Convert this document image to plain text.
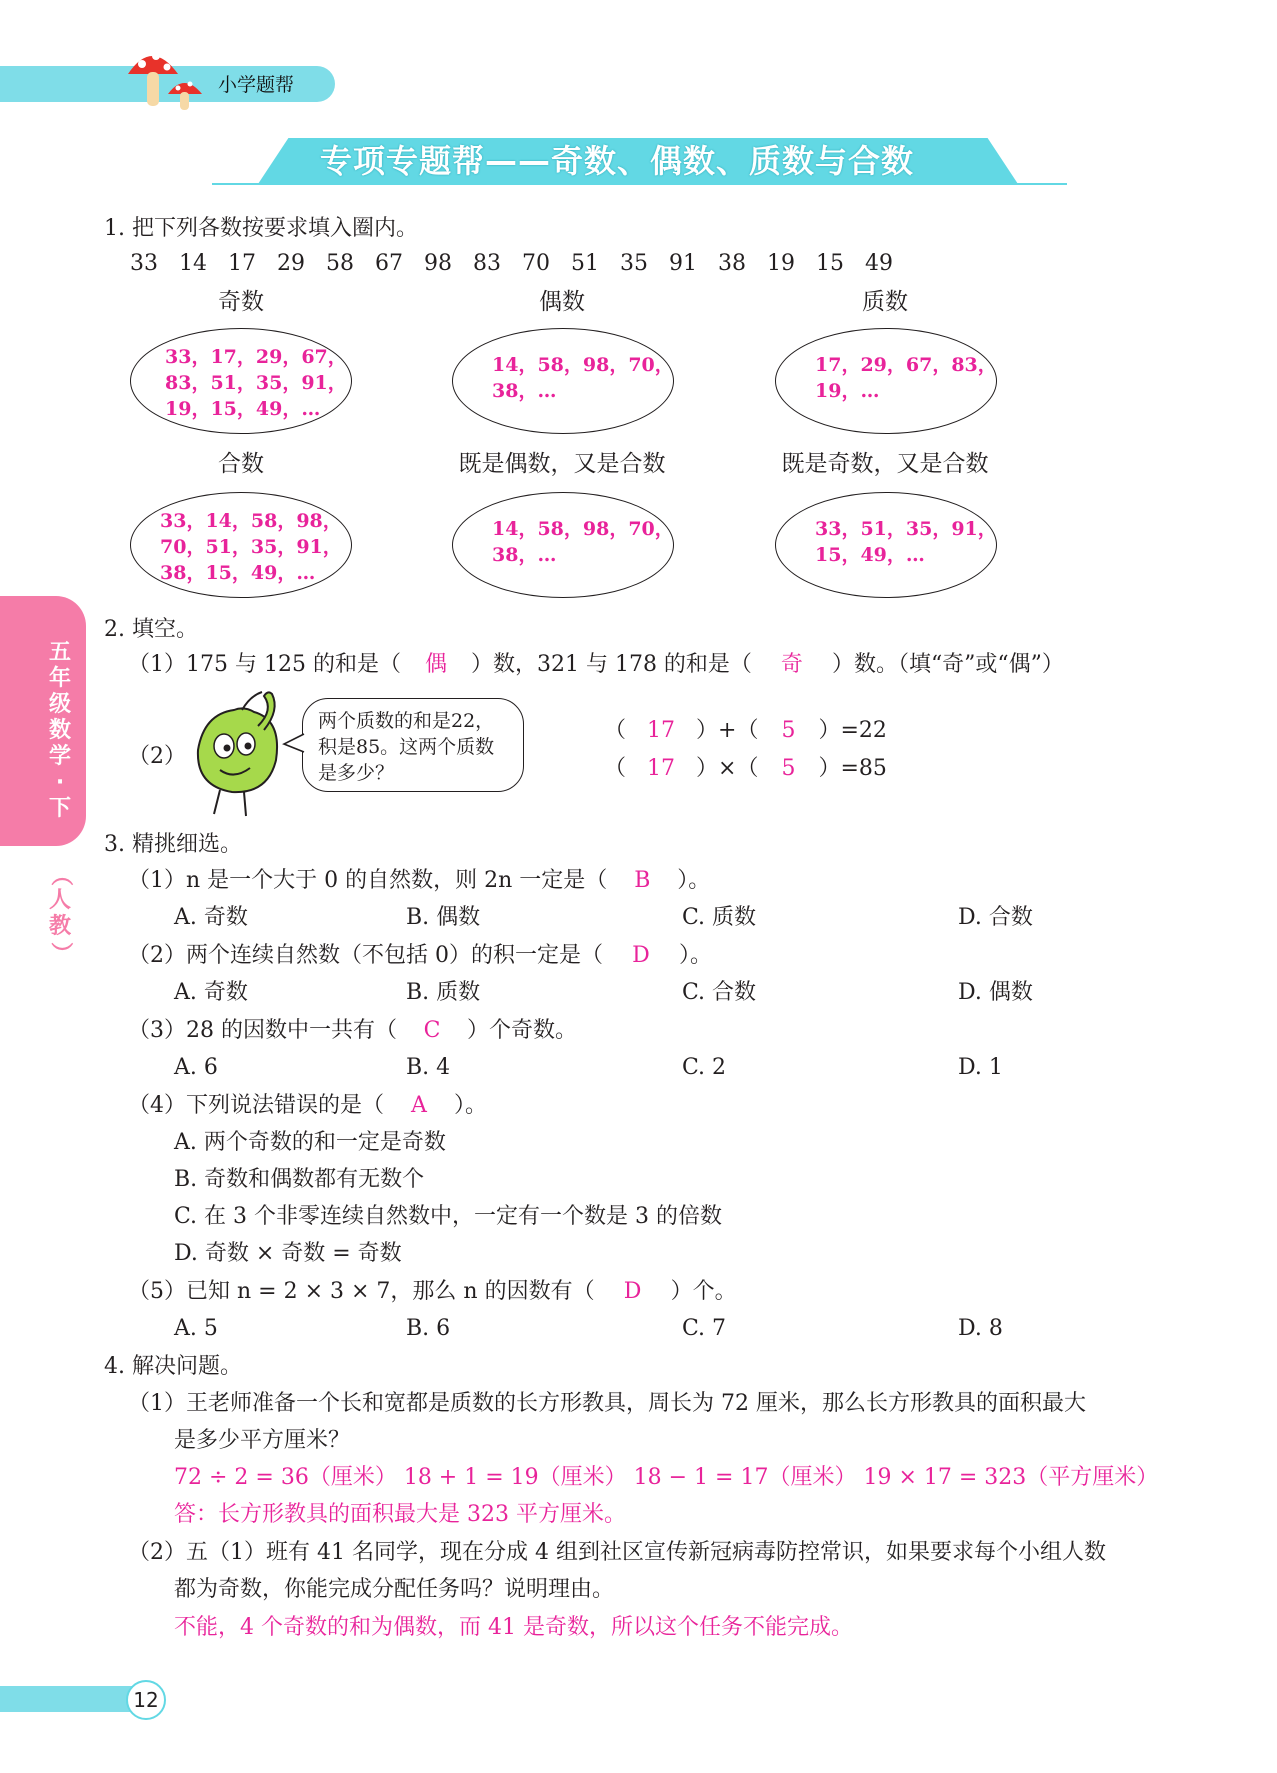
小学题帮
专项专题帮——奇数、偶数、质数与合数
五
年
级
数
学
·
下
（
人
教
）
1. 把下列各数按要求填入圈内。
33 14 17 29 58 67 98 83 70 51 35 91 38 19 15 49
奇数	偶数	质数
33，17，29，67，
83，51，35，91，
19，15，49，…
14，58，98，70，
38，…
17，29，67，83，
19，…
合数	既是偶数，又是合数	既是奇数，又是合数
33，14，58，98，
70，51，35，91，
38，15，49，…
14，58，98，70，
38，…
33，51，35，91，
15，49，…
2. 填空。
（1）175 与 125 的和是（ 偶 ）数，321 与 178 的和是（ 奇 ）数。（填“奇”或“偶”）
（2）
两个质数的和是22，
积是85。这两个质数
是多少？
（ 17 ）+（ 5 ）=22
（ 17 ）×（ 5 ）=85
3. 精挑细选。
（1）n 是一个大于 0 的自然数，则 2n 一定是（ B ）。
A. 奇数	B. 偶数	C. 质数	D. 合数
（2）两个连续自然数（不包括 0）的积一定是（ D ）。
A. 奇数	B. 质数	C. 合数	D. 偶数
（3）28 的因数中一共有（ C ）个奇数。
A. 6	B. 4	C. 2	D. 1
（4）下列说法错误的是（ A ）。
A. 两个奇数的和一定是奇数
B. 奇数和偶数都有无数个
C. 在 3 个非零连续自然数中，一定有一个数是 3 的倍数
D. 奇数 × 奇数 = 奇数
（5）已知 n = 2 × 3 × 7，那么 n 的因数有（ D ）个。
A. 5	B. 6	C. 7	D. 8
4. 解决问题。
（1）王老师准备一个长和宽都是质数的长方形教具，周长为 72 厘米，那么长方形教具的面积最大
是多少平方厘米？
72 ÷ 2 = 36（厘米） 18 + 1 = 19（厘米） 18 − 1 = 17（厘米） 19 × 17 = 323（平方厘米）
答：长方形教具的面积最大是 323 平方厘米。
（2）五（1）班有 41 名同学，现在分成 4 组到社区宣传新冠病毒防控常识，如果要求每个小组人数
都为奇数，你能完成分配任务吗？说明理由。
不能，4 个奇数的和为偶数，而 41 是奇数，所以这个任务不能完成。
12
